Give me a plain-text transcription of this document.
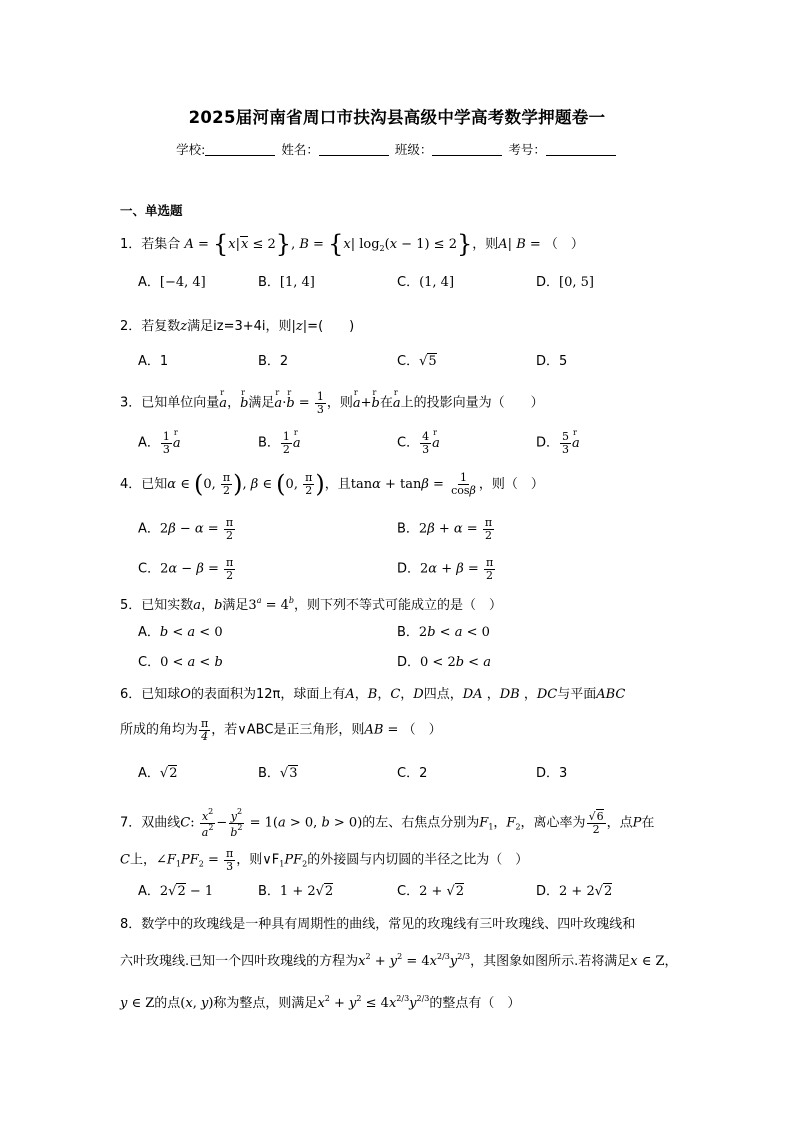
2025届河南省周口市扶沟县高级中学高考数学押题卷一
学校:	姓名：	班级：	考号：
一、单选题
1．若集合 A = {x|x ≤ 2}, B = {x| $\log_2(x - 1) \le 2$}，则A| B = （　）
A．[−4, 4]	B．[1, 4]	C．(1, 4]	D．[0, 5]
2．若复数z满足iz=3+4i，则|z|=(　　)
A．1	B．2	C．√5	D．5
3．已知单位向量r a，r b满足r a·r $b = \frac{1}{3}$ ，则r a+r b在r a上的投影向量为（　　）
A． $\frac{1}{3}$ r a	B． $\frac{1}{2}$ r a	C． $\frac{4}{3}$ r a	D． $\frac{5}{3}$ r a
4．已知α ∈ (0, $\frac{\pi}{2}$ ), β ∈ (0, $\frac{\pi}{2}$ )，且$\tan\alpha + \tan\beta = \frac{1}{\cos\beta}$ ，则（　）
A．$2\beta - \alpha = \frac{\pi}{2}$	B．$2\beta + \alpha = \frac{\pi}{2}$
C．$2\alpha - \beta = \frac{\pi}{2}$	D．$2\alpha + \beta = \frac{\pi}{2}$
5．已知实数a，b满足$3^a = 4^b$，则下列不等式可能成立的是（　）
A．b < a < 0	B．2b < a < 0
C．0 < a < b	D．0 < 2b < a
6．已知球O的表面积为12π，球面上有A，B，C，D四点，DA ，DB ，DC与平面ABC
所成的角均为 $\frac{\pi}{4}$ ，若∨ABC是正三角形，则AB = （　）
A．√2	B．√3	C．2	D．3
7．双曲线C: $\frac{x^2}{a^2} - \frac{y^2}{b^2} = 1(a > 0$, b > 0)的左、右焦点分别为$F_1$，$F_2$，离心率为 $\frac{√6}{2}$ ，点P在
C上，$\angle F_1PF_2 = \frac{\pi}{3}$ ，则$\vee F_1PF_2$的外接圆与内切圆的半径之比为（　）
A．2√2 − 1	B．1 + 2√2	C．2 + √2	D．2 + 2√2
8．数学中的玫瑰线是一种具有周期性的曲线，常见的玫瑰线有三叶玫瑰线、四叶玫瑰线和
六叶玫瑰线.已知一个四叶玫瑰线的方程为$x^2 + y^2 = 4x^{2/3}y^{2/3}$，其图象如图所示.若将满足x ∈ Z，
y ∈ Z的点(x, y)称为整点，则满足$x^2 + y^2 \le 4x^{2/3}y^{2/3}$的整点有（　）
